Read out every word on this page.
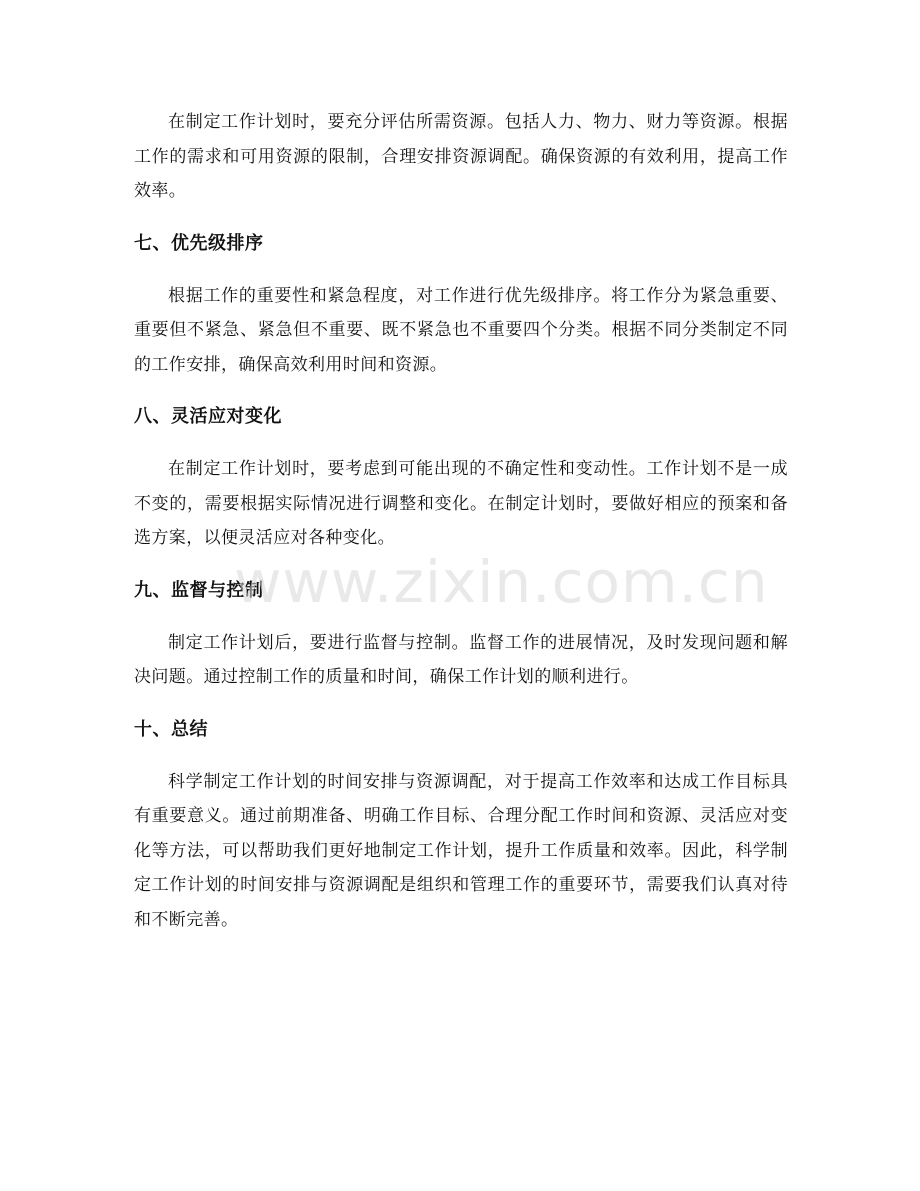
在制定工作计划时，要充分评估所需资源。包括人力、物力、财力等资源。根据工作的需求和可用资源的限制，合理安排资源调配。确保资源的有效利用，提高工作效率。

七、优先级排序

根据工作的重要性和紧急程度，对工作进行优先级排序。将工作分为紧急重要、重要但不紧急、紧急但不重要、既不紧急也不重要四个分类。根据不同分类制定不同的工作安排，确保高效利用时间和资源。

八、灵活应对变化

在制定工作计划时，要考虑到可能出现的不确定性和变动性。工作计划不是一成不变的，需要根据实际情况进行调整和变化。在制定计划时，要做好相应的预案和备选方案，以便灵活应对各种变化。

九、监督与控制

制定工作计划后，要进行监督与控制。监督工作的进展情况，及时发现问题和解决问题。通过控制工作的质量和时间，确保工作计划的顺利进行。

十、总结

科学制定工作计划的时间安排与资源调配，对于提高工作效率和达成工作目标具有重要意义。通过前期准备、明确工作目标、合理分配工作时间和资源、灵活应对变化等方法，可以帮助我们更好地制定工作计划，提升工作质量和效率。因此，科学制定工作计划的时间安排与资源调配是组织和管理工作的重要环节，需要我们认真对待和不断完善。

www.zixin.com.cn
